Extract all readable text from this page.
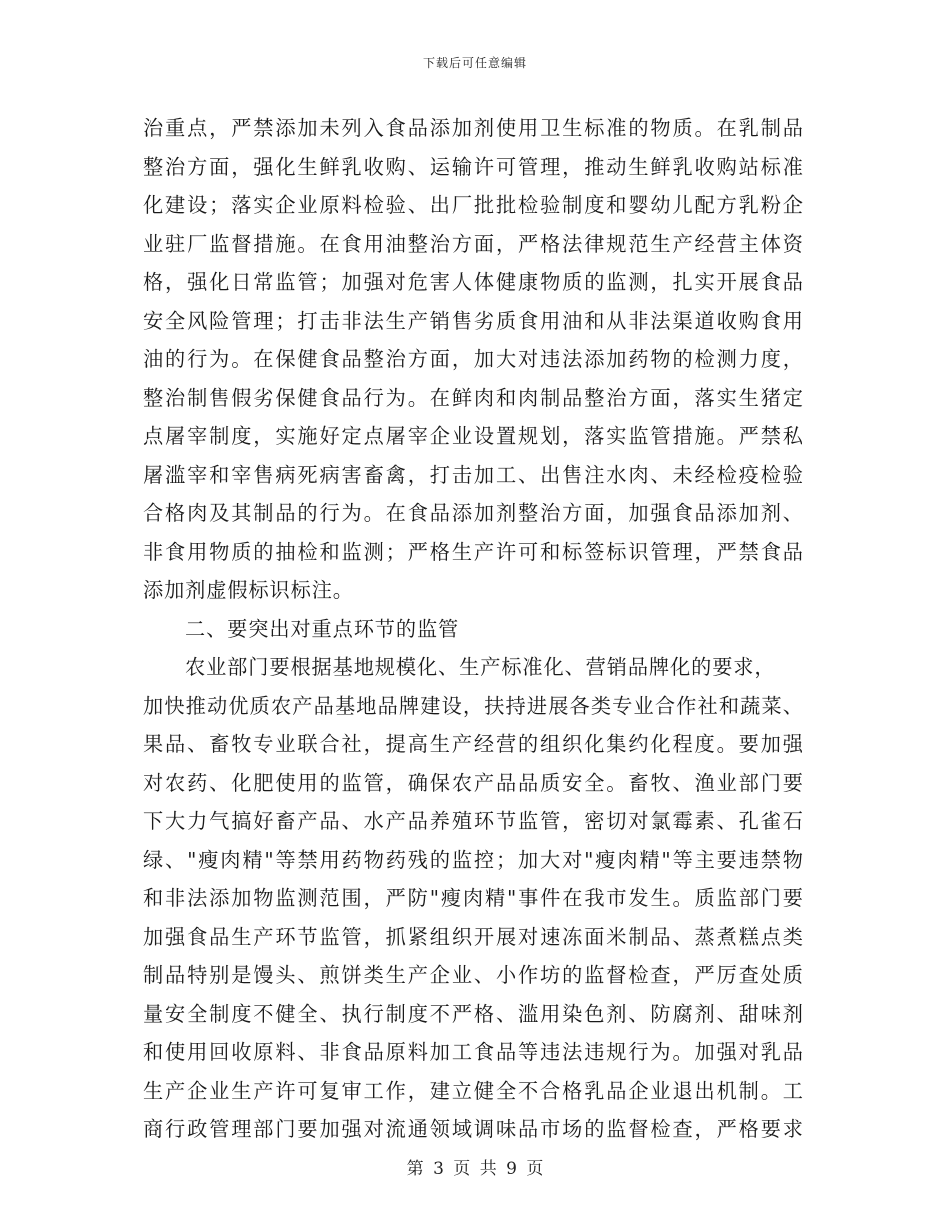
下载后可任意编辑
治重点，严禁添加未列入食品添加剂使用卫生标准的物质。在乳制品
整治方面，强化生鲜乳收购、运输许可管理，推动生鲜乳收购站标准
化建设；落实企业原料检验、出厂批批检验制度和婴幼儿配方乳粉企
业驻厂监督措施。在食用油整治方面，严格法律规范生产经营主体资
格，强化日常监管；加强对危害人体健康物质的监测，扎实开展食品
安全风险管理；打击非法生产销售劣质食用油和从非法渠道收购食用
油的行为。在保健食品整治方面，加大对违法添加药物的检测力度，
整治制售假劣保健食品行为。在鲜肉和肉制品整治方面，落实生猪定
点屠宰制度，实施好定点屠宰企业设置规划，落实监管措施。严禁私
屠滥宰和宰售病死病害畜禽，打击加工、出售注水肉、未经检疫检验
合格肉及其制品的行为。在食品添加剂整治方面，加强食品添加剂、
非食用物质的抽检和监测；严格生产许可和标签标识管理，严禁食品
添加剂虚假标识标注。
二、要突出对重点环节的监管
农业部门要根据基地规模化、生产标准化、营销品牌化的要求，
加快推动优质农产品基地品牌建设，扶持进展各类专业合作社和蔬菜、
果品、畜牧专业联合社，提高生产经营的组织化集约化程度。要加强
对农药、化肥使用的监管，确保农产品品质安全。畜牧、渔业部门要
下大力气搞好畜产品、水产品养殖环节监管，密切对氯霉素、孔雀石
绿、"瘦肉精"等禁用药物药残的监控；加大对"瘦肉精"等主要违禁物
和非法添加物监测范围，严防"瘦肉精"事件在我市发生。质监部门要
加强食品生产环节监管，抓紧组织开展对速冻面米制品、蒸煮糕点类
制品特别是馒头、煎饼类生产企业、小作坊的监督检查，严厉查处质
量安全制度不健全、执行制度不严格、滥用染色剂、防腐剂、甜味剂
和使用回收原料、非食品原料加工食品等违法违规行为。加强对乳品
生产企业生产许可复审工作，建立健全不合格乳品企业退出机制。工
商行政管理部门要加强对流通领域调味品市场的监督检查，严格要求
第 3 页 共 9 页
